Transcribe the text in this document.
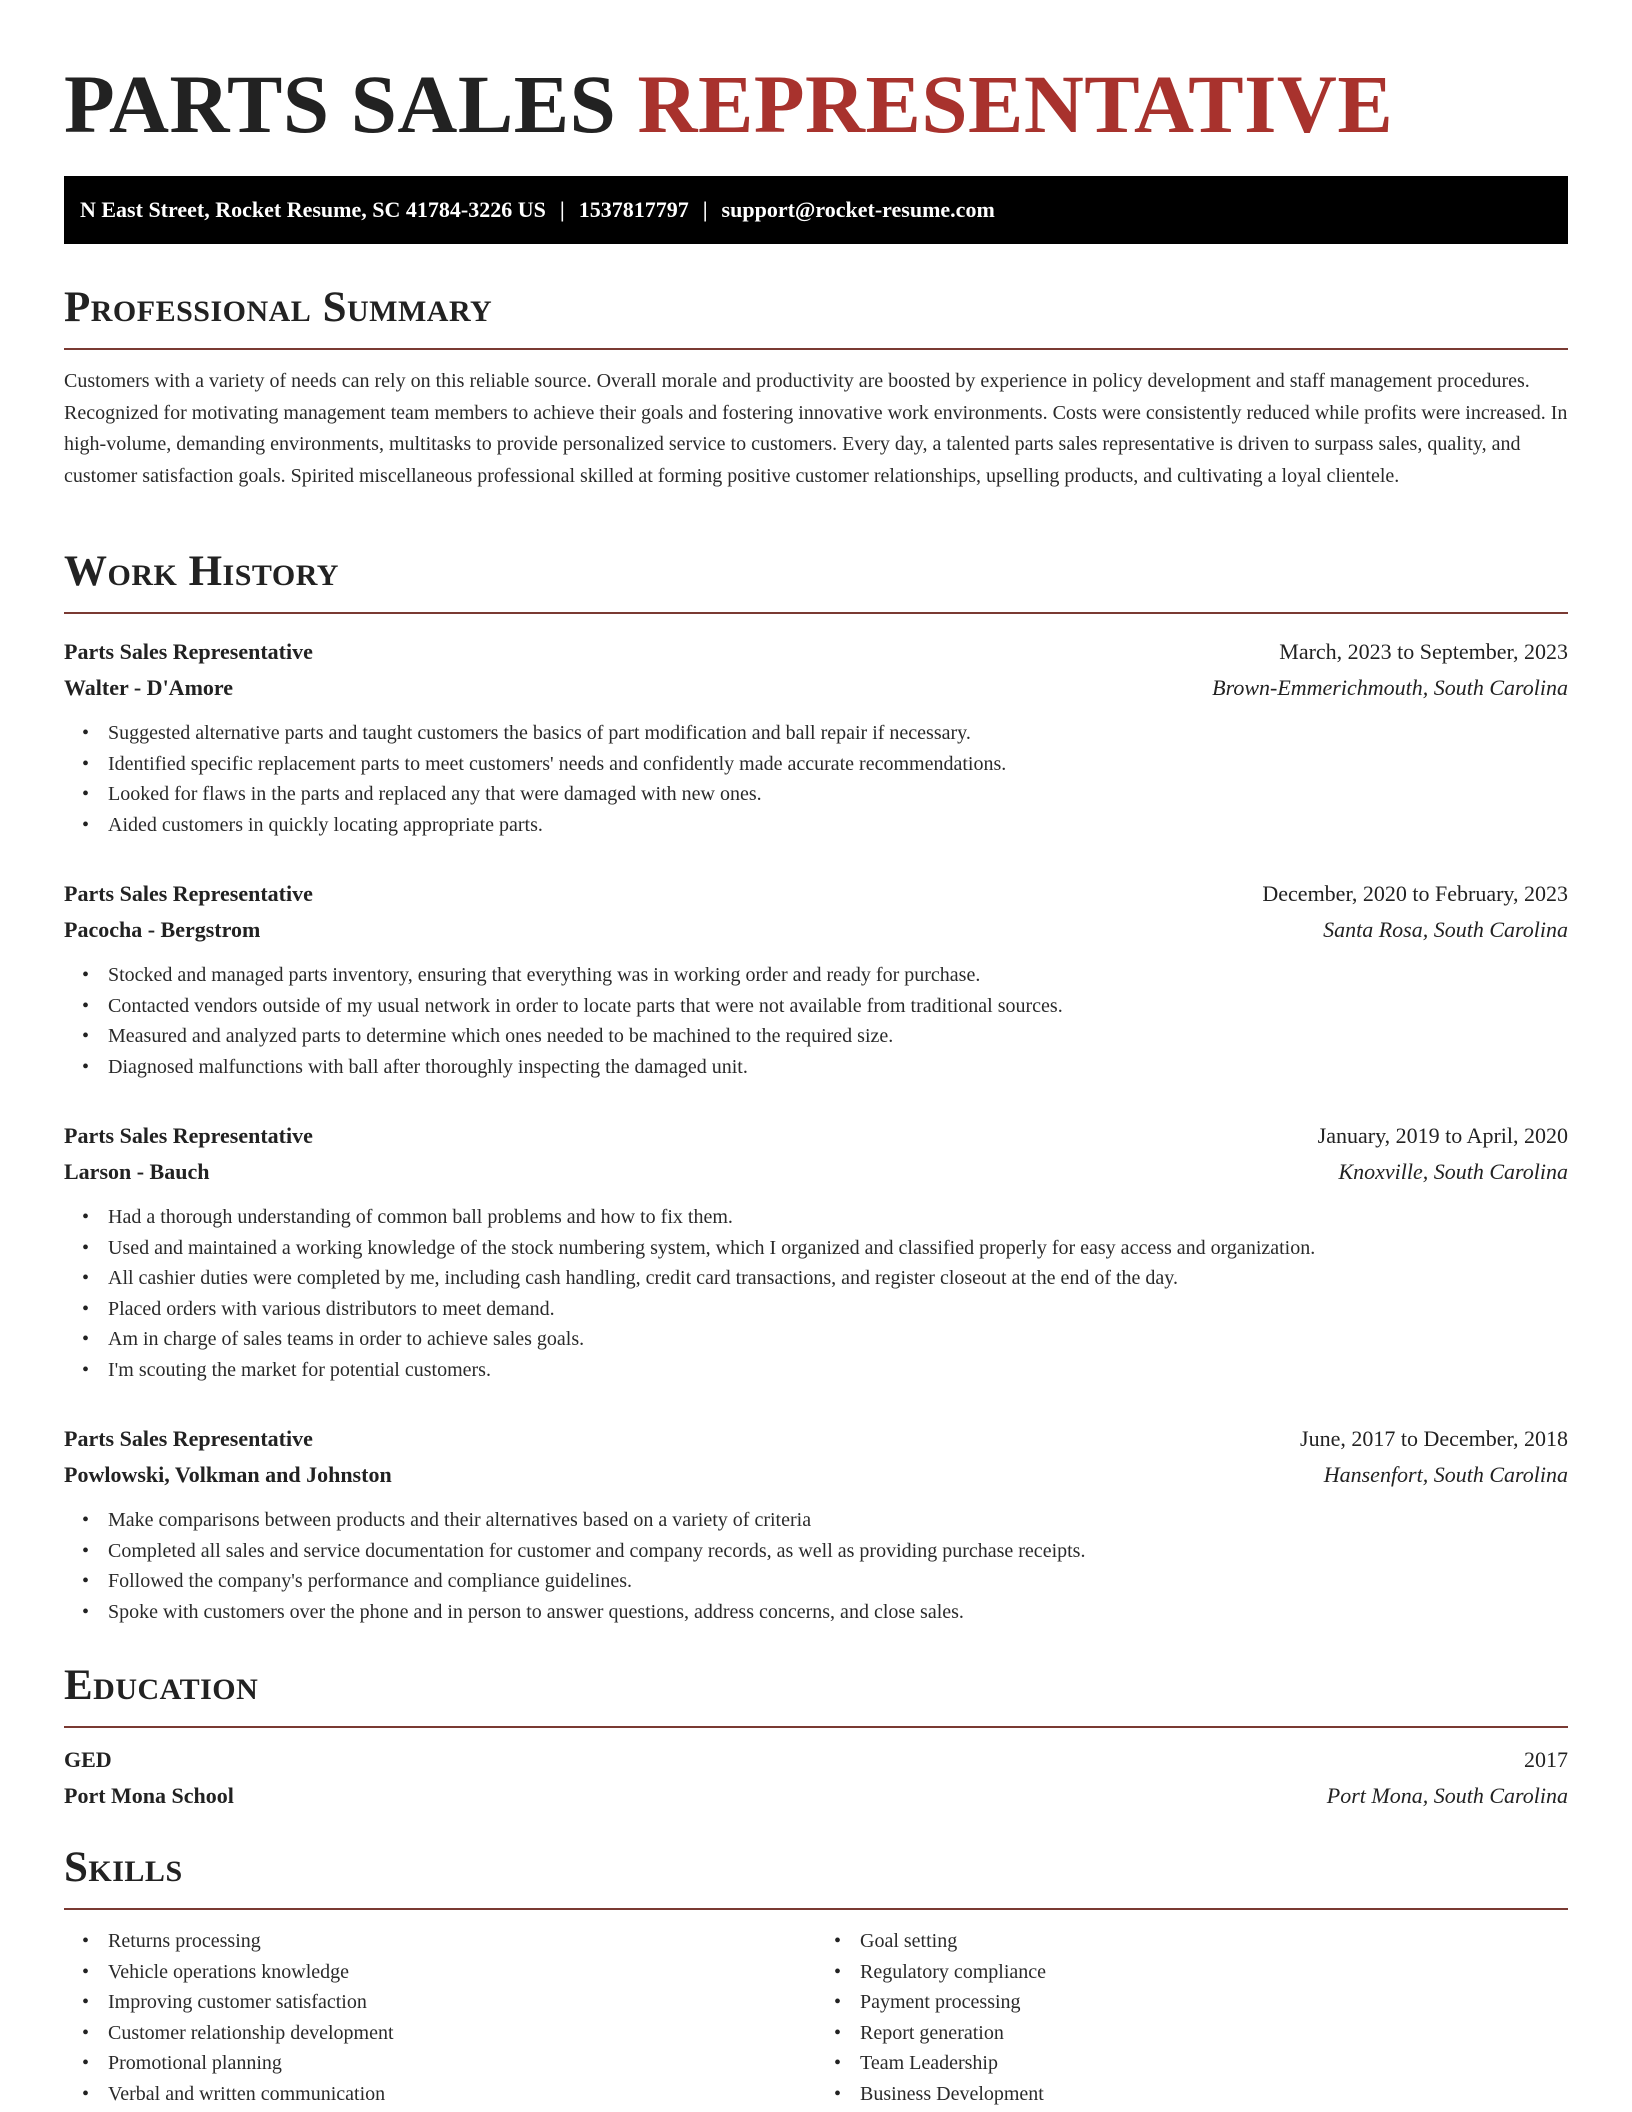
PARTS SALES REPRESENTATIVE
N East Street, Rocket Resume, SC 41784-3226 US | 1537817797 | support@rocket-resume.com
Professional Summary

Customers with a variety of needs can rely on this reliable source. Overall morale and productivity are boosted by experience in policy development and staff management procedures. Recognized for motivating management team members to achieve their goals and fostering innovative work environments. Costs were consistently reduced while profits were increased. In high-volume, demanding environments, multitasks to provide personalized service to customers. Every day, a talented parts sales representative is driven to surpass sales, quality, and customer satisfaction goals. Spirited miscellaneous professional skilled at forming positive customer relationships, upselling products, and cultivating a loyal clientele.

Work History
Parts Sales Representative	March, 2023 to September, 2023
Walter - D'Amore	Brown-Emmerichmouth, South Carolina
• Suggested alternative parts and taught customers the basics of part modification and ball repair if necessary.
• Identified specific replacement parts to meet customers' needs and confidently made accurate recommendations.
• Looked for flaws in the parts and replaced any that were damaged with new ones.
• Aided customers in quickly locating appropriate parts.
Parts Sales Representative	December, 2020 to February, 2023
Pacocha - Bergstrom	Santa Rosa, South Carolina
• Stocked and managed parts inventory, ensuring that everything was in working order and ready for purchase.
• Contacted vendors outside of my usual network in order to locate parts that were not available from traditional sources.
• Measured and analyzed parts to determine which ones needed to be machined to the required size.
• Diagnosed malfunctions with ball after thoroughly inspecting the damaged unit.
Parts Sales Representative	January, 2019 to April, 2020
Larson - Bauch	Knoxville, South Carolina
• Had a thorough understanding of common ball problems and how to fix them.
• Used and maintained a working knowledge of the stock numbering system, which I organized and classified properly for easy access and organization.
• All cashier duties were completed by me, including cash handling, credit card transactions, and register closeout at the end of the day.
• Placed orders with various distributors to meet demand.
• Am in charge of sales teams in order to achieve sales goals.
• I'm scouting the market for potential customers.
Parts Sales Representative	June, 2017 to December, 2018
Powlowski, Volkman and Johnston	Hansenfort, South Carolina
• Make comparisons between products and their alternatives based on a variety of criteria
• Completed all sales and service documentation for customer and company records, as well as providing purchase receipts.
• Followed the company's performance and compliance guidelines.
• Spoke with customers over the phone and in person to answer questions, address concerns, and close sales.
Education
GED	2017
Port Mona School	Port Mona, South Carolina
Skills
• Returns processing
• Vehicle operations knowledge
• Improving customer satisfaction
• Customer relationship development
• Promotional planning
• Verbal and written communication
• Goal setting
• Regulatory compliance
• Payment processing
• Report generation
• Team Leadership
• Business Development
